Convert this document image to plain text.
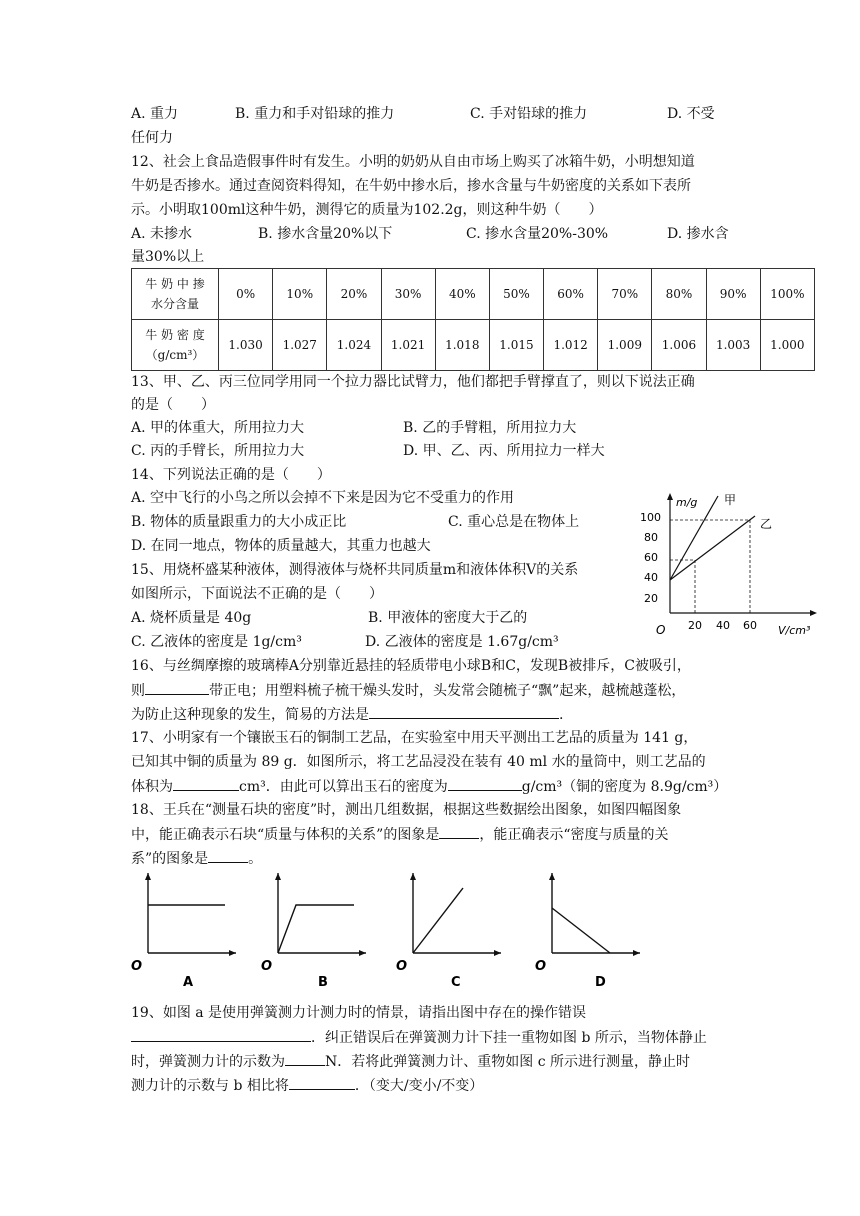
A. 重力	B. 重力和手对铅球的推力	C. 手对铅球的推力	D. 不受
任何力
12、社会上食品造假事件时有发生。小明的奶奶从自由市场上购买了冰箱牛奶，小明想知道
牛奶是否掺水。通过查阅资料得知，在牛奶中掺水后，掺水含量与牛奶密度的关系如下表所
示。小明取100ml这种牛奶，测得它的质量为102.2g，则这种牛奶（　　）
A. 未掺水	B. 掺水含量20%以下	C. 掺水含量20%-30%	D. 掺水含
量30%以上
牛 奶 中 掺
水分含量	0%	10%	20%	30%	40%	50%	60%	70%	80%	90%	100%

牛 奶 密 度
（g/cm³）	1.030	1.027	1.024	1.021	1.018	1.015	1.012	1.009	1.006	1.003	1.000
13、甲、乙、丙三位同学用同一个拉力器比试臂力，他们都把手臂撑直了，则以下说法正确
的是（　　）
A. 甲的体重大，所用拉力大	B. 乙的手臂粗，所用拉力大
C. 丙的手臂长，所用拉力大	D. 甲、乙、丙、所用拉力一样大
14、下列说法正确的是（　　）
A. 空中飞行的小鸟之所以会掉不下来是因为它不受重力的作用
B. 物体的质量跟重力的大小成正比	C. 重心总是在物体上
D. 在同一地点，物体的质量越大，其重力也越大
15、用烧杯盛某种液体，测得液体与烧杯共同质量m和液体体积V的关系
如图所示，下面说法不正确的是（　　）
A. 烧杯质量是 40g	B. 甲液体的密度大于乙的
C. 乙液体的密度是 1g/cm³	D. 乙液体的密度是 1.67g/cm³
m/g
V/cm³
O
20
40
60
80
100
20 40 60
甲
乙
16、与丝绸摩擦的玻璃棒A分别靠近悬挂的轻质带电小球B和C，发现B被排斥，C被吸引，
则	带正电；用塑料梳子梳干燥头发时，头发常会随梳子“飘”起来，越梳越蓬松，
为防止这种现象的发生，简易的方法是	.
17、小明家有一个镶嵌玉石的铜制工艺品，在实验室中用天平测出工艺品的质量为 141 g，
已知其中铜的质量为 89 g．如图所示，将工艺品浸没在装有 40 ml 水的量筒中，则工艺品的
体积为	cm³．由此可以算出玉石的密度为	g/cm³（铜的密度为 8.9g/cm³）
18、王兵在“测量石块的密度”时，测出几组数据，根据这些数据绘出图象，如图四幅图象
中，能正确表示石块“质量与体积的关系”的图象是	，能正确表示“密度与质量的关
系”的图象是	。
O
A
O
B
O
C
O
D
19、如图 a 是使用弹簧测力计测力时的情景，请指出图中存在的操作错误
．纠正错误后在弹簧测力计下挂一重物如图 b 所示，当物体静止
时，弹簧测力计的示数为	N．若将此弹簧测力计、重物如图 c 所示进行测量，静止时
测力计的示数与 b 相比将	．（变大/变小/不变）
